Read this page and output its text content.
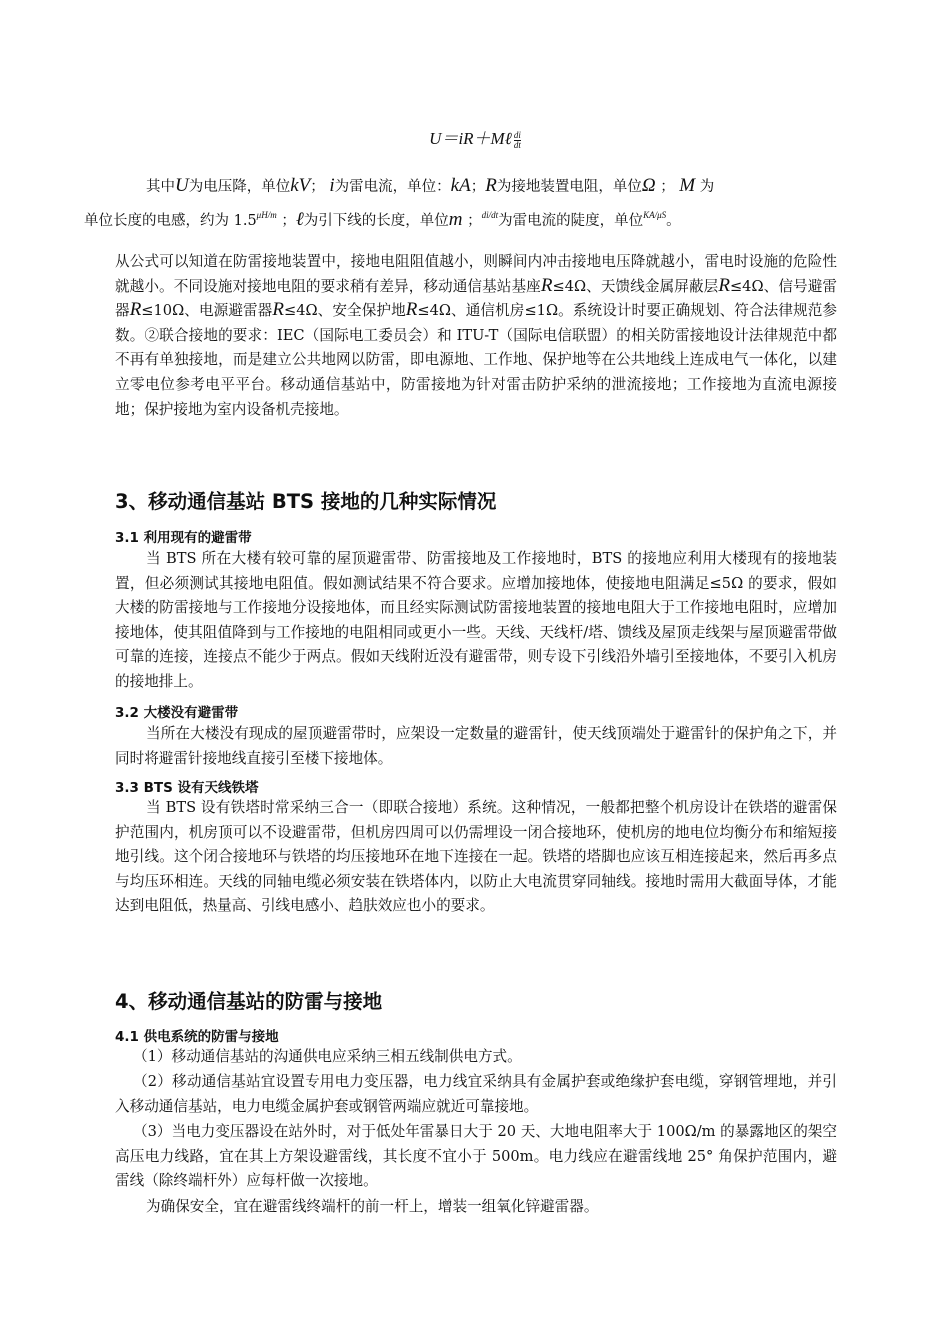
U＝iR＋Mℓ $\frac{di}{dt}$
其中U为电压降，单位kV； i为雷电流，单位：kA；R为接地装置电阻，单位Ω ； M 为
单位长度的电感，约为 $1.5^{\mu H/m}$ ；ℓ为引下线的长度，单位m ；$^{di/dt}$为雷电流的陡度，单位$^{KA/\mu S}$。

从公式可以知道在防雷接地装置中，接地电阻阻值越小，则瞬间内冲击接地电压降就越小，雷电时设施的危险性就越小。不同设施对接地电阻的要求稍有差异，移动通信基站基座R≤4Ω、天馈线金属屏蔽层R≤4Ω、信号避雷器R≤10Ω、电源避雷器R≤4Ω、安全保护地R≤4Ω、通信机房≤1Ω。系统设计时要正确规划、符合法律规范参数。②联合接地的要求：IEC（国际电工委员会）和 ITU-T（国际电信联盟）的相关防雷接地设计法律规范中都不再有单独接地，而是建立公共地网以防雷，即电源地、工作地、保护地等在公共地线上连成电气一体化，以建立零电位参考电平平台。移动通信基站中，防雷接地为针对雷击防护采纳的泄流接地；工作接地为直流电源接地；保护接地为室内设备机壳接地。

3、移动通信基站 BTS 接地的几种实际情况
3.1 利用现有的避雷带

当 BTS 所在大楼有较可靠的屋顶避雷带、防雷接地及工作接地时，BTS 的接地应利用大楼现有的接地装置，但必须测试其接地电阻值。假如测试结果不符合要求。应增加接地体，使接地电阻满足≤5Ω 的要求，假如大楼的防雷接地与工作接地分设接地体，而且经实际测试防雷接地装置的接地电阻大于工作接地电阻时，应增加接地体，使其阻值降到与工作接地的电阻相同或更小一些。天线、天线杆/塔、馈线及屋顶走线架与屋顶避雷带做可靠的连接，连接点不能少于两点。假如天线附近没有避雷带，则专设下引线沿外墙引至接地体，不要引入机房的接地排上。

3.2 大楼没有避雷带

当所在大楼没有现成的屋顶避雷带时，应架设一定数量的避雷针，使天线顶端处于避雷针的保护角之下，并同时将避雷针接地线直接引至楼下接地体。

3.3 BTS 设有天线铁塔

当 BTS 设有铁塔时常采纳三合一（即联合接地）系统。这种情况，一般都把整个机房设计在铁塔的避雷保护范围内，机房顶可以不设避雷带，但机房四周可以仍需埋设一闭合接地环，使机房的地电位均衡分布和缩短接地引线。这个闭合接地环与铁塔的均压接地环在地下连接在一起。铁塔的塔脚也应该互相连接起来，然后再多点与均压环相连。天线的同轴电缆必须安装在铁塔体内，以防止大电流贯穿同轴线。接地时需用大截面导体，才能达到电阻低，热量高、引线电感小、趋肤效应也小的要求。

4、移动通信基站的防雷与接地
4.1 供电系统的防雷与接地

（1）移动通信基站的沟通供电应采纳三相五线制供电方式。

（2）移动通信基站宜设置专用电力变压器，电力线宜采纳具有金属护套或绝缘护套电缆，穿钢管埋地，并引入移动通信基站，电力电缆金属护套或钢管两端应就近可靠接地。

（3）当电力变压器设在站外时，对于低处年雷暴日大于 20 天、大地电阻率大于 100Ω/m 的暴露地区的架空高压电力线路，宜在其上方架设避雷线，其长度不宜小于 500m。电力线应在避雷线地 25° 角保护范围内，避雷线（除终端杆外）应每杆做一次接地。

为确保安全，宜在避雷线终端杆的前一杆上，增装一组氧化锌避雷器。
